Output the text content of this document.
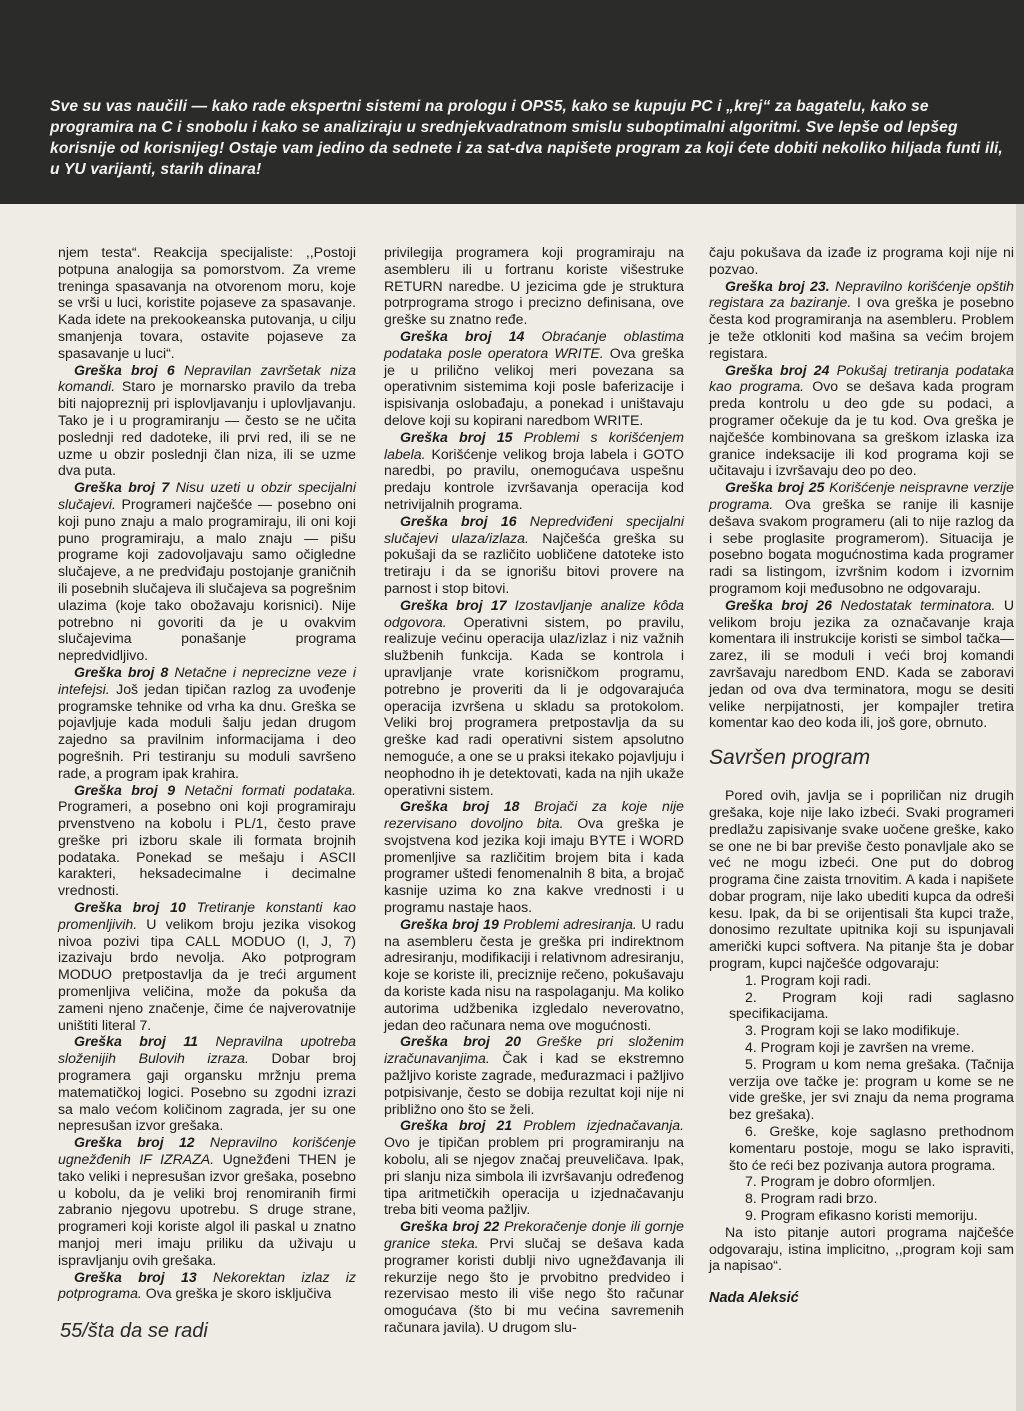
Sve su vas naučili — kako rade ekspertni sistemi na prologu i OPS5, kako se kupuju PC i „krej“ za bagatelu, kako se programira na C i snobolu i kako se analiziraju u srednjekvadratnom smislu suboptimalni algoritmi. Sve lepše od lepšeg korisnije od korisnijeg! Ostaje vam jedino da sednete i za sat-dva napišete program za koji ćete dobiti nekoliko hiljada funti ili, u YU varijanti, starih dinara!

njem testa“. Reakcija specijaliste: ,,Postoji potpuna analogija sa pomorstvom. Za vreme treninga spasavanja na otvorenom moru, koje se vrši u luci, koristite pojaseve za spasavanje. Kada idete na prekookeanska putovanja, u cilju smanjenja tovara, ostavite pojaseve za spasavanje u luci“.

Greška broj 6 Nepravilan završetak niza komandi. Staro je mornarsko pravilo da treba biti najopreznij pri isplovljavanju i uplovljavanju. Tako je i u programiranju — često se ne učita poslednji red dadoteke, ili prvi red, ili se ne uzme u obzir poslednji član niza, ili se uzme dva puta.

Greška broj 7 Nisu uzeti u obzir specijalni slučajevi. Programeri najčešće — posebno oni koji puno znaju a malo programiraju, ili oni koji puno programiraju, a malo znaju — pišu programe koji zadovoljavaju samo očigledne slučajeve, a ne predviđaju postojanje graničnih ili posebnih slučajeva ili slučajeva sa pogrešnim ulazima (koje tako obožavaju korisnici). Nije potrebno ni govoriti da je u ovakvim slučajevima ponašanje programa nepredvidljivo.

Greška broj 8 Netačne i neprecizne veze i intefejsi. Još jedan tipičan razlog za uvođenje programske tehnike od vrha ka dnu. Greška se pojavljuje kada moduli šalju jedan drugom zajedno sa pravilnim informacijama i deo pogrešnih. Pri testiranju su moduli savršeno rade, a program ipak krahira.

Greška broj 9 Netačni formati podataka. Programeri, a posebno oni koji programiraju prvenstveno na kobolu i PL/1, često prave greške pri izboru skale ili formata brojnih podataka. Ponekad se mešaju i ASCII karakteri, heksadecimalne i decimalne vrednosti.

Greška broj 10 Tretiranje konstanti kao promenljivih. U velikom broju jezika visokog nivoa pozivi tipa CALL MODUO (I, J, 7) izazivaju brdo nevolja. Ako potprogram MODUO pretpostavlja da je treći argument promenljiva veličina, može da pokuša da zameni njeno značenje, čime će najverovatnije uništiti literal 7.

Greška broj 11 Nepravilna upotreba složenijih Bulovih izraza. Dobar broj programera gaji organsku mržnju prema matematičkoj logici. Posebno su zgodni izrazi sa malo većom količinom zagrada, jer su one nepresušan izvor grešaka.

Greška broj 12 Nepravilno korišćenje ugnežđenih IF IZRAZA. Ugnežđeni THEN je tako veliki i nepresušan izvor grešaka, posebno u kobolu, da je veliki broj renomiranih firmi zabranio njegovu upotrebu. S druge strane, programeri koji koriste algol ili paskal u znatno manjoj meri imaju priliku da uživaju u ispravljanju ovih grešaka.

Greška broj 13 Nekorektan izlaz iz potprograma. Ova greška je skoro isključiva

privilegija programera koji programiraju na asembleru ili u fortranu koriste višestruke RETURN naredbe. U jezicima gde je struktura potrprograma strogo i precizno definisana, ove greške su znatno ređe.

Greška broj 14 Obraćanje oblastima podataka posle operatora WRITE. Ova greška je u prilično velikoj meri povezana sa operativnim sistemima koji posle baferizacije i ispisivanja oslobađaju, a ponekad i uništavaju delove koji su kopirani naredbom WRITE.

Greška broj 15 Problemi s korišćenjem labela. Korišćenje velikog broja labela i GOTO naredbi, po pravilu, onemogućava uspešnu predaju kontrole izvršavanja operacija kod netrivijalnih programa.

Greška broj 16 Nepredviđeni specijalni slučajevi ulaza/izlaza. Najčešća greška su pokušaji da se različito uobličene datoteke isto tretiraju i da se ignorišu bitovi provere na parnost i stop bitovi.

Greška broj 17 Izostavljanje analize kôda odgovora. Operativni sistem, po pravilu, realizuje većinu operacija ulaz/izlaz i niz važnih službenih funkcija. Kada se kontrola i upravljanje vrate korisničkom programu, potrebno je proveriti da li je odgovarajuća operacija izvršena u skladu sa protokolom. Veliki broj programera pretpostavlja da su greške kad radi operativni sistem apsolutno nemoguće, a one se u praksi itekako pojavljuju i neophodno ih je detektovati, kada na njih ukaže operativni sistem.

Greška broj 18 Brojači za koje nije rezervisano dovoljno bita. Ova greška je svojstvena kod jezika koji imaju BYTE i WORD promenljive sa različitim brojem bita i kada programer uštedi fenomenalnih 8 bita, a brojač kasnije uzima ko zna kakve vrednosti i u programu nastaje haos.

Greška broj 19 Problemi adresiranja. U radu na asembleru česta je greška pri indirektnom adresiranju, modifikaciji i relativnom adresiranju, koje se koriste ili, preciznije rečeno, pokušavaju da koriste kada nisu na raspolaganju. Ma koliko autorima udžbenika izgledalo neverovatno, jedan deo računara nema ove mogućnosti.

Greška broj 20 Greške pri složenim izračunavanjima. Čak i kad se ekstremno pažljivo koriste zagrade, međurazmaci i pažljivo potpisivanje, često se dobija rezultat koji nije ni približno ono što se želi.

Greška broj 21 Problem izjednačavanja. Ovo je tipičan problem pri programiranju na kobolu, ali se njegov značaj preuveličava. Ipak, pri slanju niza simbola ili izvršavanju određenog tipa aritmetičkih operacija u izjednačavanju treba biti veoma pažljiv.

Greška broj 22 Prekoračenje donje ili gornje granice steka. Prvi slučaj se dešava kada programer koristi dublji nivo ugnežđavanja ili rekurzije nego što je prvobitno predvideo i rezervisao mesto ili više nego što računar omogućava (što bi mu većina savremenih računara javila). U drugom slu-

čaju pokušava da izađe iz programa koji nije ni pozvao.

Greška broj 23. Nepravilno korišćenje opštih registara za baziranje. I ova greška je posebno česta kod programiranja na asembleru. Problem je teže otkloniti kod mašina sa većim brojem registara.

Greška broj 24 Pokušaj tretiranja podataka kao programa. Ovo se dešava kada program preda kontrolu u deo gde su podaci, a programer očekuje da je tu kod. Ova greška je najčešće kombinovana sa greškom izlaska iza granice indeksacije ili kod programa koji se učitavaju i izvršavaju deo po deo.

Greška broj 25 Korišćenje neispravne verzije programa. Ova greška se ranije ili kasnije dešava svakom programeru (ali to nije razlog da i sebe proglasite programerom). Situacija je posebno bogata mogućnostima kada programer radi sa listingom, izvršnim kodom i izvornim programom koji međusobno ne odgovaraju.

Greška broj 26 Nedostatak terminatora. U velikom broju jezika za označavanje kraja komentara ili instrukcije koristi se simbol tačka—zarez, ili se moduli i veći broj komandi završavaju naredbom END. Kada se zaboravi jedan od ova dva terminatora, mogu se desiti velike nerpijatnosti, jer kompajler tretira komentar kao deo koda ili, još gore, obrnuto.

Savršen program

Pored ovih, javlja se i popriličan niz drugih grešaka, koje nije lako izbeći. Svaki programeri predlažu zapisivanje svake uočene greške, kako se one ne bi bar previše često ponavljale ako se već ne mogu izbeći. One put do dobrog programa čine zaista trnovitim. A kada i napišete dobar program, nije lako ubediti kupca da odreši kesu. Ipak, da bi se orijentisali šta kupci traže, donosimo rezultate upitnika koji su ispunjavali američki kupci softvera. Na pitanje šta je dobar program, kupci najčešće odgovaraju:

1. Program koji radi.

2. Program koji radi saglasno specifikacijama.

3. Program koji se lako modifikuje.

4. Program koji je završen na vreme.

5. Program u kom nema grešaka. (Tačnija verzija ove tačke je: program u kome se ne vide greške, jer svi znaju da nema programa bez grešaka).

6. Greške, koje saglasno prethodnom komentaru postoje, mogu se lako ispraviti, što će reći bez pozivanja autora programa.

7. Program je dobro oformljen.

8. Program radi brzo.

9. Program efikasno koristi memoriju.

Na isto pitanje autori programa najčešće odgovaraju, istina implicitno, ,,program koji sam ja napisao“.

Nada Aleksić
55/šta da se radi
